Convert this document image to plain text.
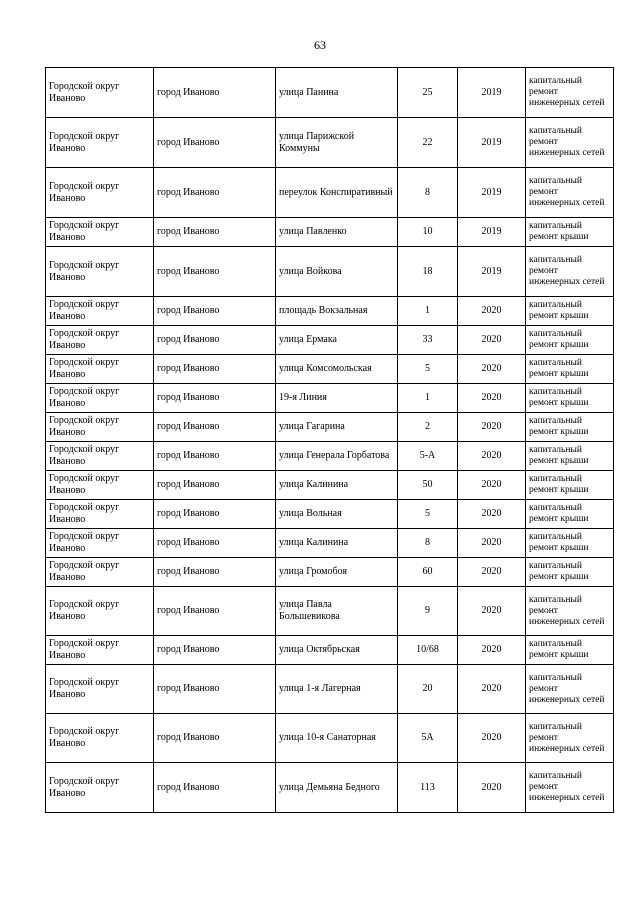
63
Городской округ Иваново	город Иваново	улица Панина	25	2019	капитальный ремонт инженерных сетей
Городской округ Иваново	город Иваново	улица Парижской Коммуны	22	2019	капитальный ремонт инженерных сетей
Городской округ Иваново	город Иваново	переулок Конспиративный	8	2019	капитальный ремонт инженерных сетей
Городской округ Иваново	город Иваново	улица Павленко	10	2019	капитальный ремонт крыши
Городской округ Иваново	город Иваново	улица Войкова	18	2019	капитальный ремонт инженерных сетей
Городской округ Иваново	город Иваново	площадь Вокзальная	1	2020	капитальный ремонт крыши
Городской округ Иваново	город Иваново	улица Ермака	33	2020	капитальный ремонт крыши
Городской округ Иваново	город Иваново	улица Комсомольская	5	2020	капитальный ремонт крыши
Городской округ Иваново	город Иваново	19-я Линия	1	2020	капитальный ремонт крыши
Городской округ Иваново	город Иваново	улица Гагарина	2	2020	капитальный ремонт крыши
Городской округ Иваново	город Иваново	улица Генерала Горбатова	5-А	2020	капитальный ремонт крыши
Городской округ Иваново	город Иваново	улица Калинина	50	2020	капитальный ремонт крыши
Городской округ Иваново	город Иваново	улица Вольная	5	2020	капитальный ремонт крыши
Городской округ Иваново	город Иваново	улица Калинина	8	2020	капитальный ремонт крыши
Городской округ Иваново	город Иваново	улица Громобоя	60	2020	капитальный ремонт крыши
Городской округ Иваново	город Иваново	улица Павла Большевикова	9	2020	капитальный ремонт инженерных сетей
Городской округ Иваново	город Иваново	улица Октябрьская	10/68	2020	капитальный ремонт крыши
Городской округ Иваново	город Иваново	улица 1-я Лагерная	20	2020	капитальный ремонт инженерных сетей
Городской округ Иваново	город Иваново	улица 10-я Санаторная	5А	2020	капитальный ремонт инженерных сетей
Городской округ Иваново	город Иваново	улица Демьяна Бедного	113	2020	капитальный ремонт инженерных сетей
